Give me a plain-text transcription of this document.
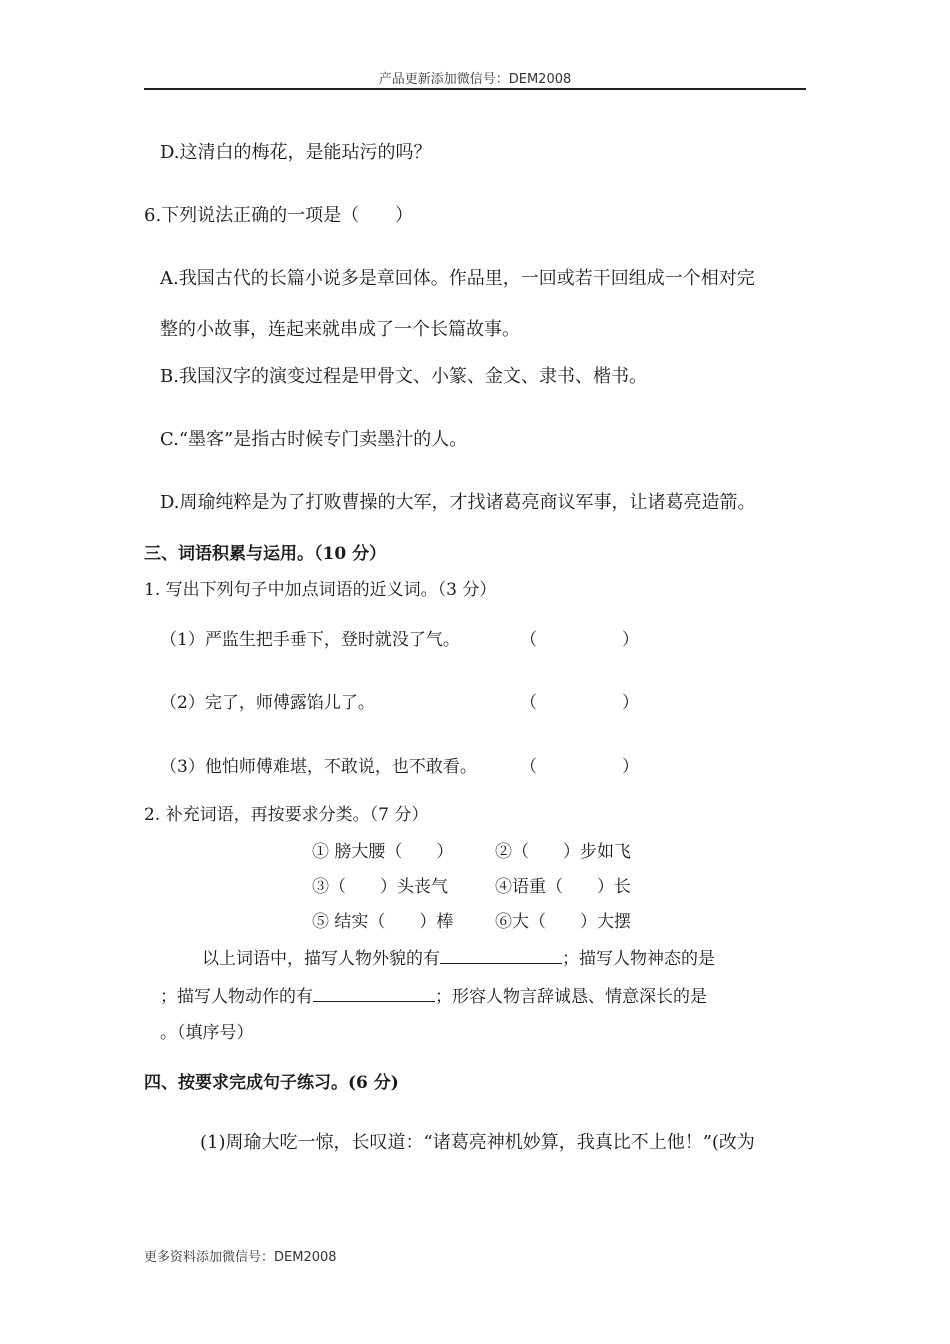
产品更新添加微信号：DEM2008
D.这清白的梅花，是能玷污的吗？
6.下列说法正确的一项是（　　）
A.我国古代的长篇小说多是章回体。作品里，一回或若干回组成一个相对完
整的小故事，连起来就串成了一个长篇故事。
B.我国汉字的演变过程是甲骨文、小篆、金文、隶书、楷书。
C.“墨客”是指古时候专门卖墨汁的人。
D.周瑜纯粹是为了打败曹操的大军，才找诸葛亮商议军事，让诸葛亮造箭。
三、词语积累与运用。（10 分）
1. 写出下列句子中加点词语的近义词。（3 分）
（1）严监生把手垂下，登时就没了气。	（　　　　　）
（2）完了，师傅露馅儿了。	（　　　　　）
（3）他怕师傅难堪，不敢说，也不敢看。	（　　　　　）
2. 补充词语，再按要求分类。（7 分）
① 膀大腰（　　） ②（　　）步如飞
③（　　）头丧气	④语重（　　）长
⑤ 结实（　　）棒 ⑥大（　　）大摆
以上词语中，描写人物外貌的有	；描写人物神态的是
；描写人物动作的有	；形容人物言辞诚恳、情意深长的是
。（填序号）
四、按要求完成句子练习。(6 分)
(1)周瑜大吃一惊，长叹道：“诸葛亮神机妙算，我真比不上他！”(改为
更多资料添加微信号：DEM2008
